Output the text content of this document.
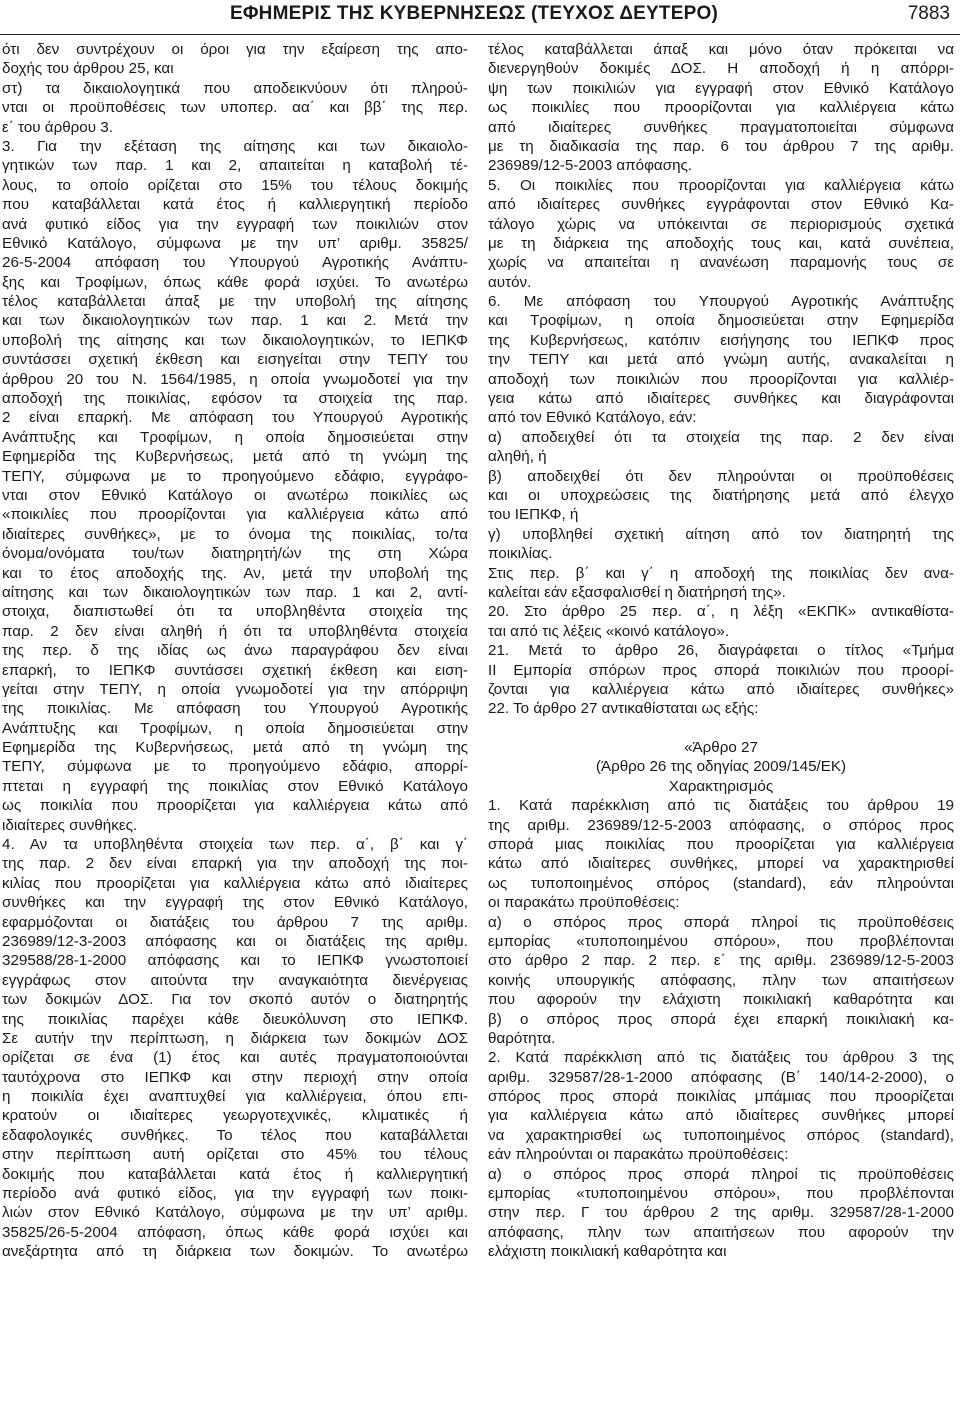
ΕΦΗΜΕΡΙΣ ΤΗΣ ΚΥΒΕΡΝΗΣΕΩΣ (ΤΕΥΧΟΣ ΔΕΥΤΕΡΟ)	7883
ότι δεν συντρέχουν οι όροι για την εξαίρεση της απο-
δοχής του άρθρου 25, και
στ) τα δικαιολογητικά που αποδεικνύουν ότι πληρού-
νται οι προϋποθέσεις των υποπερ. αα΄ και ββ΄ της περ.
ε΄ του άρθρου 3.
3. Για την εξέταση της αίτησης και των δικαιολο-
γητικών των παρ. 1 και 2, απαιτείται η καταβολή τέ-
λους, το οποίο ορίζεται στο 15% του τέλους δοκιμής
που καταβάλλεται κατά έτος ή καλλιεργητική περίοδο
ανά φυτικό είδος για την εγγραφή των ποικιλιών στον
Εθνικό Κατάλογο, σύμφωνα με την υπ’ αριθμ. 35825/
26-5-2004 απόφαση του Υπουργού Αγροτικής Ανάπτυ-
ξης και Τροφίμων, όπως κάθε φορά ισχύει. Το ανωτέρω
τέλος καταβάλλεται άπαξ με την υποβολή της αίτησης
και των δικαιολογητικών των παρ. 1 και 2. Μετά την
υποβολή της αίτησης και των δικαιολογητικών, το ΙΕΠΚΦ
συντάσσει σχετική έκθεση και εισηγείται στην ΤΕΠΥ του
άρθρου 20 του Ν. 1564/1985, η οποία γνωμοδοτεί για την
αποδοχή της ποικιλίας, εφόσον τα στοιχεία της παρ.
2 είναι επαρκή. Με απόφαση του Υπουργού Αγροτικής
Ανάπτυξης και Τροφίμων, η οποία δημοσιεύεται στην
Εφημερίδα της Κυβερνήσεως, μετά από τη γνώμη της
ΤΕΠΥ, σύμφωνα με το προηγούμενο εδάφιο, εγγράφο-
νται στον Εθνικό Κατάλογο οι ανωτέρω ποικιλίες ως
«ποικιλίες που προορίζονται για καλλιέργεια κάτω από
ιδιαίτερες συνθήκες», με το όνομα της ποικιλίας, το/τα
όνομα/ονόματα του/των διατηρητή/ών της στη Χώρα
και το έτος αποδοχής της. Αν, μετά την υποβολή της
αίτησης και των δικαιολογητικών των παρ. 1 και 2, αντί-
στοιχα, διαπιστωθεί ότι τα υποβληθέντα στοιχεία της
παρ. 2 δεν είναι αληθή ή ότι τα υποβληθέντα στοιχεία
της περ. δ της ιδίας ως άνω παραγράφου δεν είναι
επαρκή, το ΙΕΠΚΦ συντάσσει σχετική έκθεση και ειση-
γείται στην ΤΕΠΥ, η οποία γνωμοδοτεί για την απόρριψη
της ποικιλίας. Με απόφαση του Υπουργού Αγροτικής
Ανάπτυξης και Τροφίμων, η οποία δημοσιεύεται στην
Εφημερίδα της Κυβερνήσεως, μετά από τη γνώμη της
ΤΕΠΥ, σύμφωνα με το προηγούμενο εδάφιο, απορρί-
πτεται η εγγραφή της ποικιλίας στον Εθνικό Κατάλογο
ως ποικιλία που προορίζεται για καλλιέργεια κάτω από
ιδιαίτερες συνθήκες.
4. Αν τα υποβληθέντα στοιχεία των περ. α΄, β΄ και γ΄
της παρ. 2 δεν είναι επαρκή για την αποδοχή της ποι-
κιλίας που προορίζεται για καλλιέργεια κάτω από ιδιαίτερες
συνθήκες και την εγγραφή της στον Εθνικό Κατάλογο,
εφαρμόζονται οι διατάξεις του άρθρου 7 της αριθμ.
236989/12-3-2003 απόφασης και οι διατάξεις της αριθμ.
329588/28-1-2000 απόφασης και το ΙΕΠΚΦ γνωστοποιεί
εγγράφως στον αιτούντα την αναγκαιότητα διενέργειας
των δοκιμών ΔΟΣ. Για τον σκοπό αυτόν ο διατηρητής
της ποικιλίας παρέχει κάθε διευκόλυνση στο ΙΕΠΚΦ.
Σε αυτήν την περίπτωση, η διάρκεια των δοκιμών ΔΟΣ
ορίζεται σε ένα (1) έτος και αυτές πραγματοποιούνται
ταυτόχρονα στο ΙΕΠΚΦ και στην περιοχή στην οποία
η ποικιλία έχει αναπτυχθεί για καλλιέργεια, όπου επι-
κρατούν οι ιδιαίτερες γεωργοτεχνικές, κλιματικές ή
εδαφολογικές συνθήκες. Το τέλος που καταβάλλεται
στην περίπτωση αυτή ορίζεται στο 45% του τέλους
δοκιμής που καταβάλλεται κατά έτος ή καλλιεργητική
περίοδο ανά φυτικό είδος, για την εγγραφή των ποικι-
λιών στον Εθνικό Κατάλογο, σύμφωνα με την υπ’ αριθμ.
35825/26-5-2004 απόφαση, όπως κάθε φορά ισχύει και
ανεξάρτητα από τη διάρκεια των δοκιμών. Το ανωτέρω
τέλος καταβάλλεται άπαξ και μόνο όταν πρόκειται να
διενεργηθούν δοκιμές ΔΟΣ. Η αποδοχή ή η απόρρι-
ψη των ποικιλιών για εγγραφή στον Εθνικό Κατάλογο
ως ποικιλίες που προορίζονται για καλλιέργεια κάτω
από ιδιαίτερες συνθήκες πραγματοποιείται σύμφωνα
με τη διαδικασία της παρ. 6 του άρθρου 7 της αριθμ.
236989/12-5-2003 απόφασης.
5. Οι ποικιλίες που προορίζονται για καλλιέργεια κάτω
από ιδιαίτερες συνθήκες εγγράφονται στον Εθνικό Κα-
τάλογο χώρις να υπόκεινται σε περιορισμούς σχετικά
με τη διάρκεια της αποδοχής τους και, κατά συνέπεια,
χωρίς να απαιτείται η ανανέωση παραμονής τους σε
αυτόν.
6. Με απόφαση του Υπουργού Αγροτικής Ανάπτυξης
και Τροφίμων, η οποία δημοσιεύεται στην Εφημερίδα
της Κυβερνήσεως, κατόπιν εισήγησης του ΙΕΠΚΦ προς
την ΤΕΠΥ και μετά από γνώμη αυτής, ανακαλείται η
αποδοχή των ποικιλιών που προορίζονται για καλλιέρ-
γεια κάτω από ιδιαίτερες συνθήκες και διαγράφονται
από τον Εθνικό Κατάλογο, εάν:
α) αποδειχθεί ότι τα στοιχεία της παρ. 2 δεν είναι
αληθή, ή
β) αποδειχθεί ότι δεν πληρούνται οι προϋποθέσεις
και οι υποχρεώσεις της διατήρησης μετά από έλεγχο
του ΙΕΠΚΦ, ή
γ) υποβληθεί σχετική αίτηση από τον διατηρητή της
ποικιλίας.
Στις περ. β΄ και γ΄ η αποδοχή της ποικιλίας δεν ανα-
καλείται εάν εξασφαλισθεί η διατήρησή της».
20. Στο άρθρο 25 περ. α΄, η λέξη «ΕΚΠΚ» αντικαθίστα-
ται από τις λέξεις «κοινό κατάλογο».
21. Μετά το άρθρο 26, διαγράφεται ο τίτλος «Τμήμα
ΙΙ Εμπορία σπόρων προς σπορά ποικιλιών που προορί-
ζονται για καλλιέργεια κάτω από ιδιαίτερες συνθήκες»
22. Το άρθρο 27 αντικαθίσταται ως εξής:
«Άρθρο 27
(Άρθρο 26 της οδηγίας 2009/145/ΕΚ)
Χαρακτηρισμός
1. Κατά παρέκκλιση από τις διατάξεις του άρθρου 19
της αριθμ. 236989/12-5-2003 απόφασης, ο σπόρος προς
σπορά μιας ποικιλίας που προορίζεται για καλλιέργεια
κάτω από ιδιαίτερες συνθήκες, μπορεί να χαρακτηρισθεί
ως τυποποιημένος σπόρος (standard), εάν πληρούνται
οι παρακάτω προϋποθέσεις:
α) ο σπόρος προς σπορά πληροί τις προϋποθέσεις
εμπορίας «τυποποιημένου σπόρου», που προβλέπονται
στο άρθρο 2 παρ. 2 περ. ε΄ της αριθμ. 236989/12-5-2003
κοινής υπουργικής απόφασης, πλην των απαιτήσεων
που αφορούν την ελάχιστη ποικιλιακή καθαρότητα και
β) ο σπόρος προς σπορά έχει επαρκή ποικιλιακή κα-
θαρότητα.
2. Κατά παρέκκλιση από τις διατάξεις του άρθρου 3 της
αριθμ. 329587/28-1-2000 απόφασης (Β΄ 140/14-2-2000), ο
σπόρος προς σπορά ποικιλίας μπάμιας που προορίζεται
για καλλιέργεια κάτω από ιδιαίτερες συνθήκες μπορεί
να χαρακτηρισθεί ως τυποποιημένος σπόρος (standard),
εάν πληρούνται οι παρακάτω προϋποθέσεις:
α) ο σπόρος προς σπορά πληροί τις προϋποθέσεις
εμπορίας «τυποποιημένου σπόρου», που προβλέπονται
στην περ. Γ του άρθρου 2 της αριθμ. 329587/28-1-2000
απόφασης, πλην των απαιτήσεων που αφορούν την
ελάχιστη ποικιλιακή καθαρότητα και
